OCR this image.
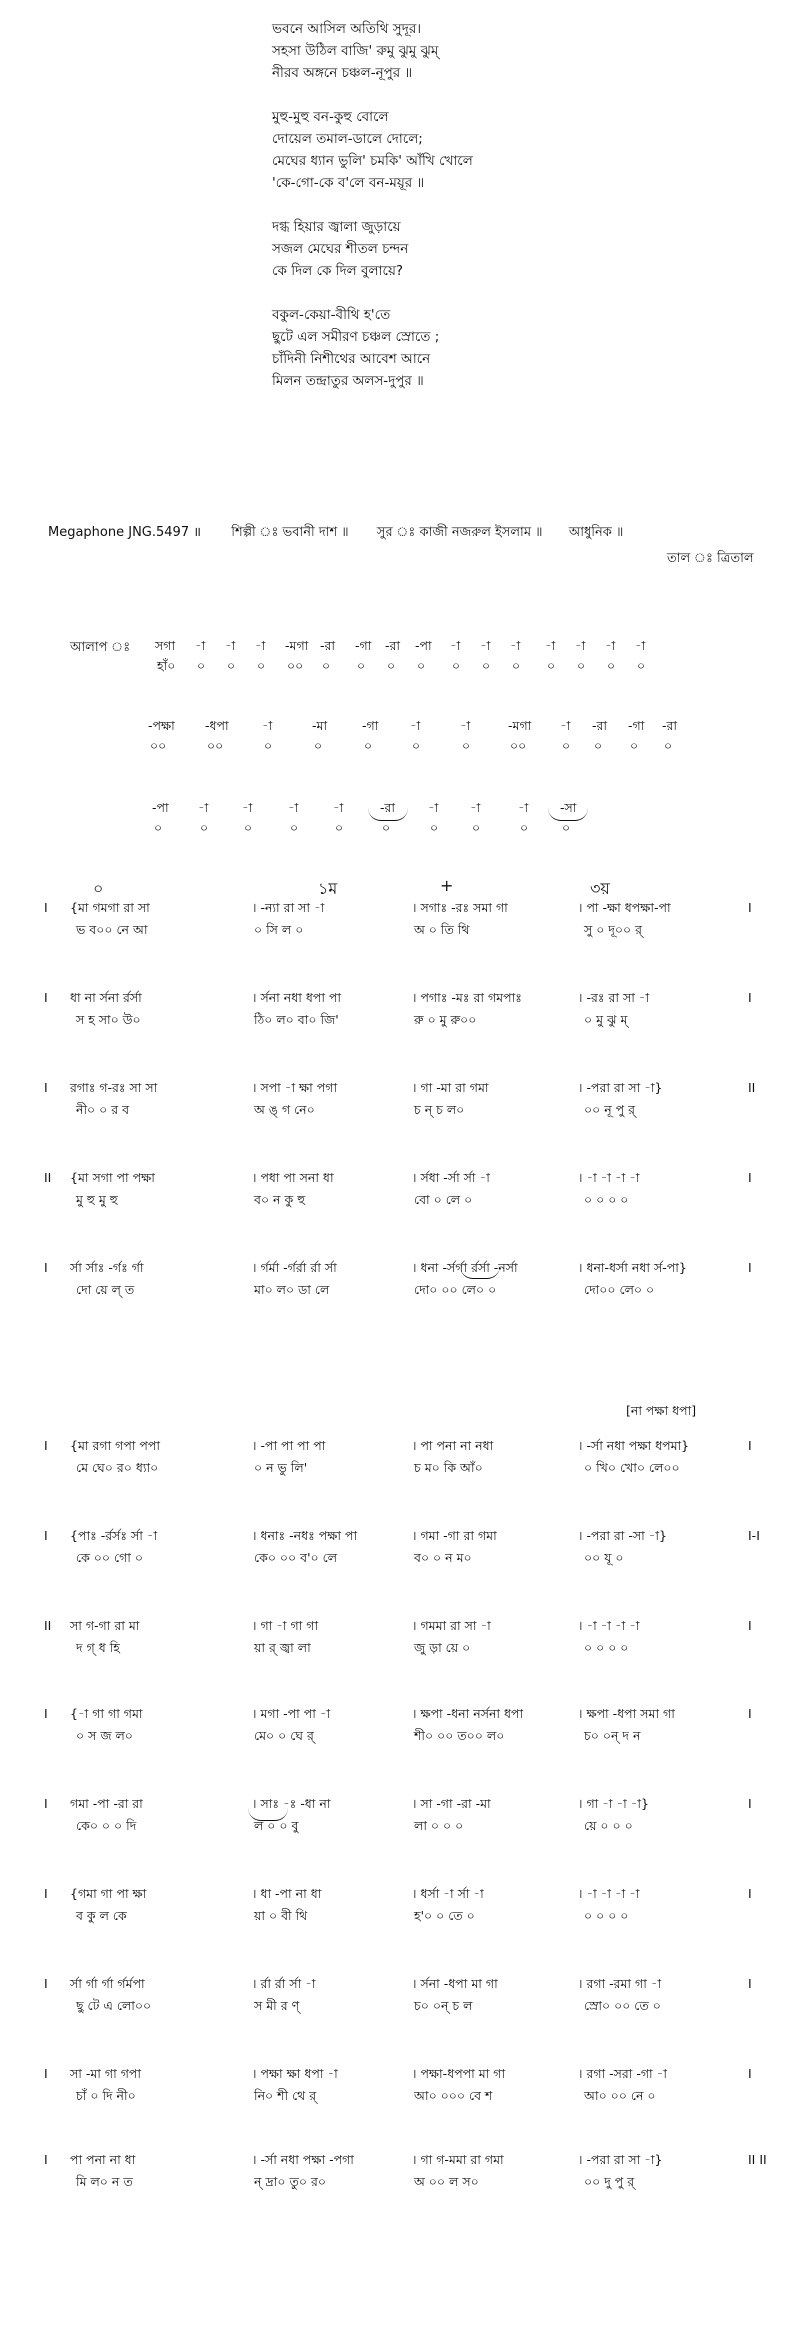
ভবনে আসিল অতিথি সুদূর।
সহসা উঠিল বাজি' রুমু ঝুমু ঝুম্
নীরব অঙ্গনে চঞ্চল-নূপুর ॥
মুহু-মুহু বন-কুহু বোলে
দোয়েল তমাল-ডালে দোলে;
মেঘের ধ্যান ভুলি' চমকি' আঁখি খোলে
'কে-গো-কে ব'লে বন-ময়ূর ॥
দগ্ধ হিয়ার জ্বালা জুড়ায়ে
সজল মেঘের শীতল চন্দন
কে দিল কে দিল বুলায়ে?
বকুল-কেয়া-বীথি হ'তে
ছুটে এল সমীরণ চঞ্চল স্রোতে ;
চাঁদিনী নিশীথের আবেশ আনে
মিলন তন্দ্রাতুর অলস-দুপুর ॥
Megaphone JNG.5497 ॥ শিল্পী ঃ ভবানী দাশ ॥ সুর ঃ কাজী নজরুল ইসলাম ॥ আধুনিক ॥
তাল ঃ ত্রিতাল
আলাপ ঃ সগা -া -া -া -মগা -রা -গা -রা -পা -া -া -া -া -া -া -া
হাঁ০ ০ ০ ০ ০০ ০ ০ ০ ০ ০ ০ ০ ০ ০ ০ ০
-পক্ষা -ধপা	-া	-মা	-গা	-া	-া	-মগা -া -রা -গা -রা
০০	০০	০	০	০	০	০	০০	০ ০ ০ ০
-পা -া	-া	-া	-া	-রা	-া	-া	-া	-সা
০	০	০	০	০	০	০	০	০	০
০	১ম	+	৩য়
[না পক্ষা ধপা]
I {মা গমগা রা সা	। -ন্যা রা সা -া	। সগাঃ -রঃ সমা গা	। পা -ক্ষা ধপক্ষা-পা	I
ভ ব০০ নে আ	০ সি ল ০	অ ০ তি থি	সু ০ দূ০০ র্
I ধা না র্সনা র্রর্সা	। র্সনা নধা ধপা পা	। পগাঃ -মঃ রা গমপাঃ	। -রঃ রা সা -া	I
স হ সা০ উ০	ঠি০ ল০ বা০ জি'	রু ০ মু রু০০	০ মু ঝু ম্
I রগাঃ গ-রঃ সা সা	। সপা -া ক্ষা পগা	। গা -মা রা গমা	। -পরা রা সা -া}	II
নী০ ০ র ব	অ ঙ্ গ নে০	চ ন্ চ ল০	০০ নূ পু র্
II {মা সগা পা পক্ষা	। পধা পা সনা ধা	। র্সধা -র্সা র্সা -া	। -া -া -া -া	I
মু হু মু হু	ব০ ন কু হু	বো ০ লে ০	০ ০ ০ ০
I র্সা র্সাঃ -র্গঃ র্গা	। র্গর্মা -র্গর্রা র্রা র্সা	। ধনা -র্সর্গা র্রর্সা -নর্সা	। ধনা-ধর্সা নধা র্স-পা}	I
দো য়ে ল্ ত	মা০ ল০ ডা লে	দো০ ০০ লে০ ০	দো০০ লে০ ০
I {মা রগা গপা পপা	। -পা পা পা পা	। পা পনা না নধা	। -র্সা নধা পক্ষা ধপমা}	I
মে ঘে০ র০ ধ্যা০	০ ন ভু লি'	চ ম০ কি আঁ০	০ খি০ খো০ লে০০
I {পাঃ -র্রর্সঃ র্সা -া	। ধনাঃ -নধঃ পক্ষা পা	। গমা -গা রা গমা	। -পরা রা -সা -া}	I-I
কে ০০ গো ০	কে০ ০০ ব'০ লে	ব০ ০ ন ম০	০০ যূ ০
II সা গ-গা রা মা	। গা -া গা গা	। গমমা রা সা -া	। -া -া -া -া	I
দ গ্ ধ হি	য়া র্ জ্বা লা	জু ড়া য়ে ০	০ ০ ০ ০
I {-া গা গা গমা	। মগা -পা পা -া	। ক্ষপা -ধনা নর্সনা ধপা	। ক্ষপা -ধপা সমা গা	I
০ স জ ল০	মে০ ০ ঘে র্	শী০ ০০ ত০০ ল০	চ০ ০ন্ দ ন
I গমা -পা -রা রা	। সাঃ -ঃ -ধা না	। সা -গা -রা -মা	। গা -া -া -া}	I
কে০ ০ ০ দি	ল ০ ০ বু	লা ০ ০ ০	য়ে ০ ০ ০
I {গমা গা পা ক্ষা	। ধা -পা না ধা	। ধর্সা -া র্সা -া	। -া -া -া -া	I
ব কু ল কে	য়া ০ বী থি	হ'০ ০ তে ০	০ ০ ০ ০
I র্সা র্গা র্গা র্গর্মপা	। র্রা র্রা র্সা -া	। র্সনা -ধপা মা গা	। রগা -রমা গা -া	I
ছু টে এ লো০০	স মী র ণ্	চ০ ০ন্ চ ল	স্রো০ ০০ তে ০
I সা -মা গা গপা	। পক্ষা ক্ষা ধপা -া	। পক্ষা-ধপপা মা গা	। রগা -সরা -গা -া	I
চাঁ ০ দি নী০	নি০ শী থে র্	আ০ ০০০ বে শ	আ০ ০০ নে ০
I পা পনা না ধা	। -র্সা নধা পক্ষা -পগা	। গা গ-মমা রা গমা	। -পরা রা সা -া}	II II
মি ল০ ন ত	ন্ দ্রা০ তু০ র০	অ ০০ ল স০	০০ দু পু র্
